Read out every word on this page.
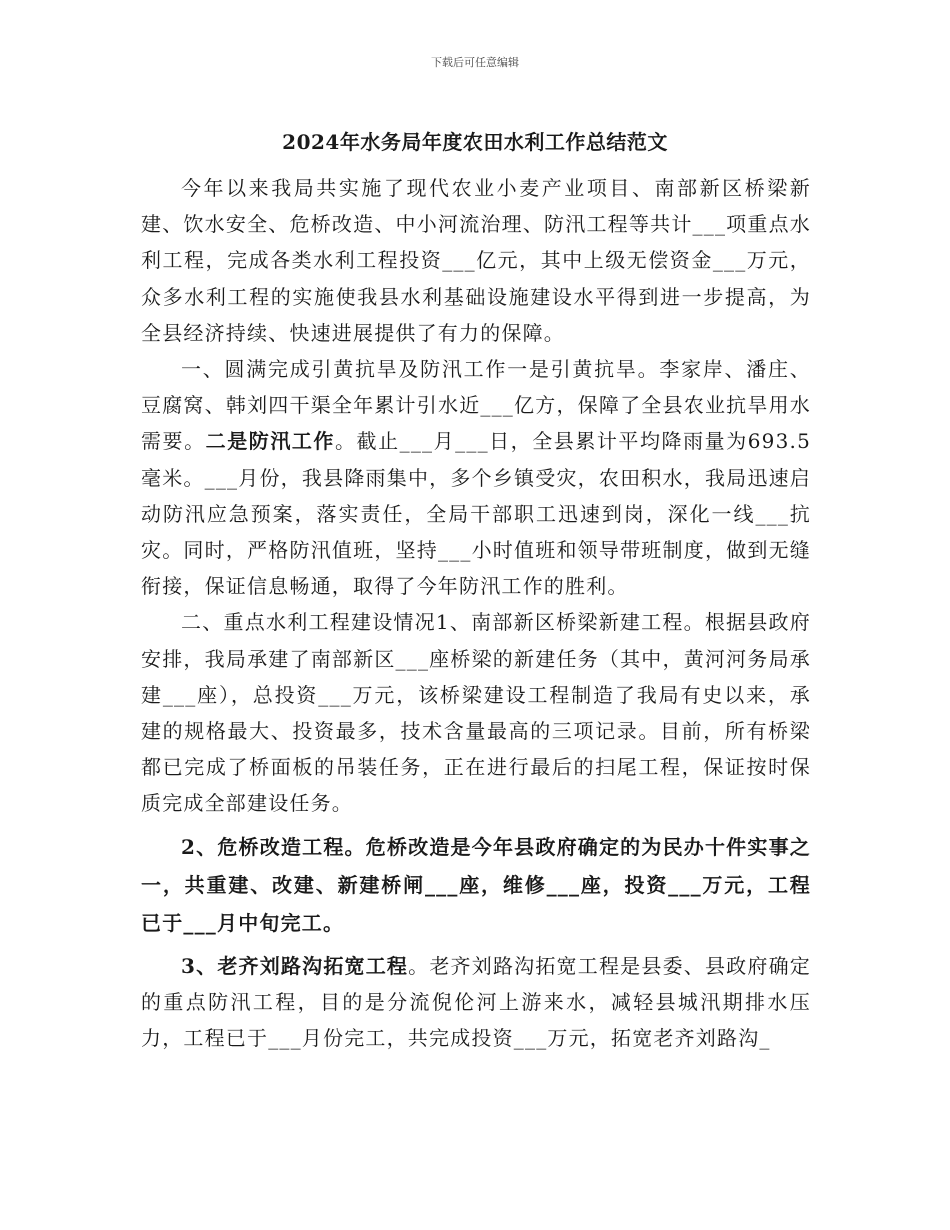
下载后可任意编辑
2024年水务局年度农田水利工作总结范文

今年以来我局共实施了现代农业小麦产业项目、南部新区桥梁新建、饮水安全、危桥改造、中小河流治理、防汛工程等共计___项重点水利工程，完成各类水利工程投资___亿元，其中上级无偿资金___万元，众多水利工程的实施使我县水利基础设施建设水平得到进一步提高，为全县经济持续、快速进展提供了有力的保障。

一、圆满完成引黄抗旱及防汛工作一是引黄抗旱。李家岸、潘庄、豆腐窝、韩刘四干渠全年累计引水近___亿方，保障了全县农业抗旱用水需要。二是防汛工作。截止___月___日，全县累计平均降雨量为693.5毫米。___月份，我县降雨集中，多个乡镇受灾，农田积水，我局迅速启动防汛应急预案，落实责任，全局干部职工迅速到岗，深化一线___抗灾。同时，严格防汛值班，坚持___小时值班和领导带班制度，做到无缝衔接，保证信息畅通，取得了今年防汛工作的胜利。

二、重点水利工程建设情况1、南部新区桥梁新建工程。根据县政府安排，我局承建了南部新区___座桥梁的新建任务（其中，黄河河务局承建___座），总投资___万元，该桥梁建设工程制造了我局有史以来，承建的规格最大、投资最多，技术含量最高的三项记录。目前，所有桥梁都已完成了桥面板的吊装任务，正在进行最后的扫尾工程，保证按时保质完成全部建设任务。

2、危桥改造工程。危桥改造是今年县政府确定的为民办十件实事之一，共重建、改建、新建桥闸___座，维修___座，投资___万元，工程已于___月中旬完工。

3、老齐刘路沟拓宽工程。老齐刘路沟拓宽工程是县委、县政府确定的重点防汛工程，目的是分流倪伦河上游来水，减轻县城汛期排水压力，工程已于___月份完工，共完成投资___万元，拓宽老齐刘路沟_
